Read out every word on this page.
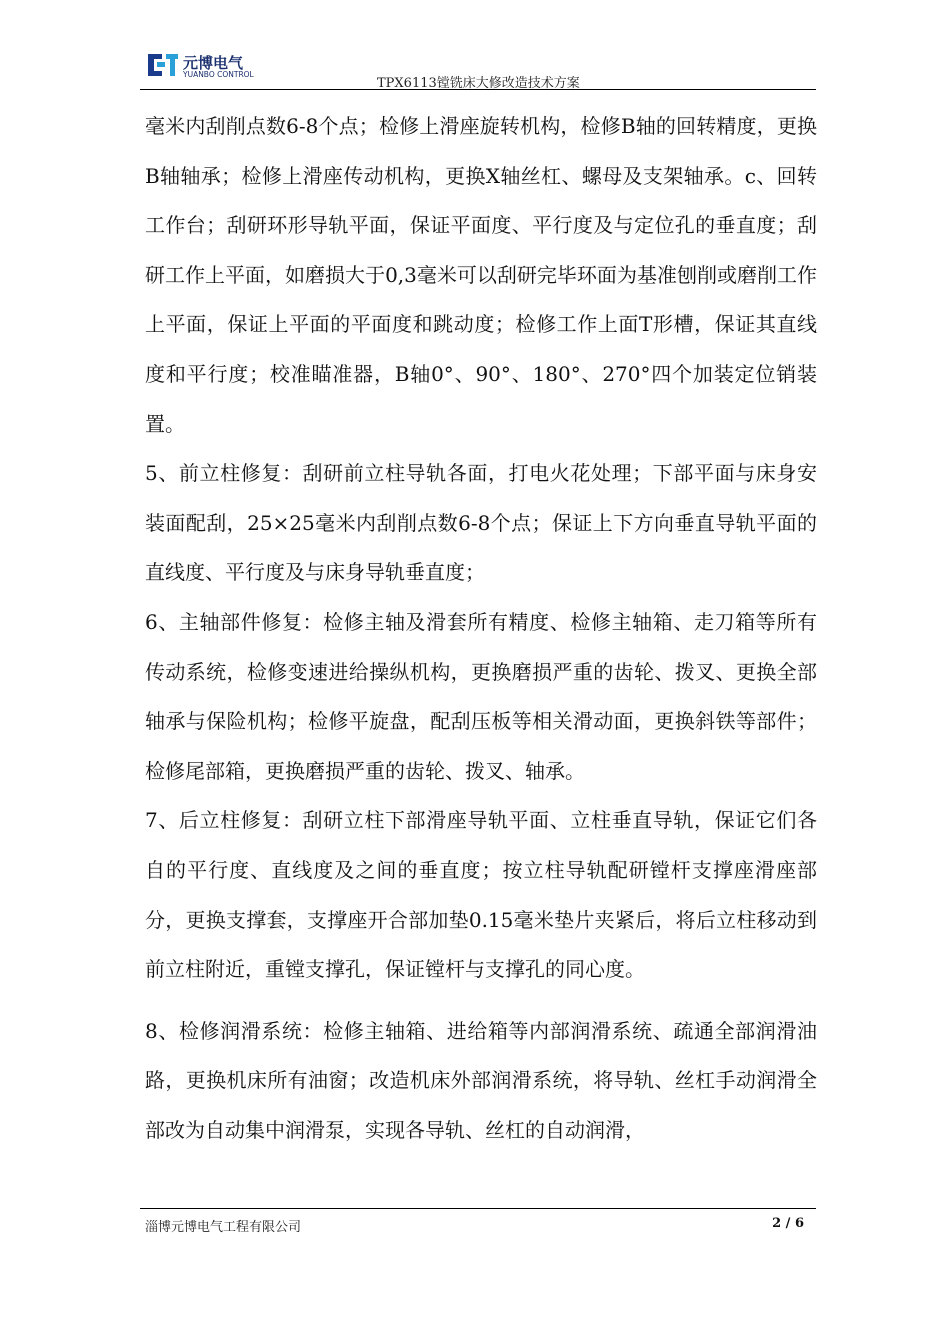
元博电气
YUANBO CONTROL
TPX6113镗铣床大修改造技术方案

毫米内刮削点数6-8个点；检修上滑座旋转机构，检修B轴的回转精度，更换B轴轴承；检修上滑座传动机构，更换X轴丝杠、螺母及支架轴承。c、回转工作台；刮研环形导轨平面，保证平面度、平行度及与定位孔的垂直度；刮研工作上平面，如磨损大于0,3毫米可以刮研完毕环面为基准刨削或磨削工作上平面，保证上平面的平面度和跳动度；检修工作上面T形槽，保证其直线度和平行度；校准瞄准器，B轴0°、90°、180°、270°四个加装定位销装置。

5、前立柱修复：刮研前立柱导轨各面，打电火花处理；下部平面与床身安装面配刮，25×25毫米内刮削点数6-8个点；保证上下方向垂直导轨平面的直线度、平行度及与床身导轨垂直度；

6、主轴部件修复：检修主轴及滑套所有精度、检修主轴箱、走刀箱等所有传动系统，检修变速进给操纵机构，更换磨损严重的齿轮、拨叉、更换全部轴承与保险机构；检修平旋盘，配刮压板等相关滑动面，更换斜铁等部件；检修尾部箱，更换磨损严重的齿轮、拨叉、轴承。

7、后立柱修复：刮研立柱下部滑座导轨平面、立柱垂直导轨，保证它们各自的平行度、直线度及之间的垂直度；按立柱导轨配研镗杆支撑座滑座部分，更换支撑套，支撑座开合部加垫0.15毫米垫片夹紧后，将后立柱移动到前立柱附近，重镗支撑孔，保证镗杆与支撑孔的同心度。

8、检修润滑系统：检修主轴箱、进给箱等内部润滑系统、疏通全部润滑油路，更换机床所有油窗；改造机床外部润滑系统，将导轨、丝杠手动润滑全部改为自动集中润滑泵，实现各导轨、丝杠的自动润滑，

淄博元博电气工程有限公司	2 / 6
